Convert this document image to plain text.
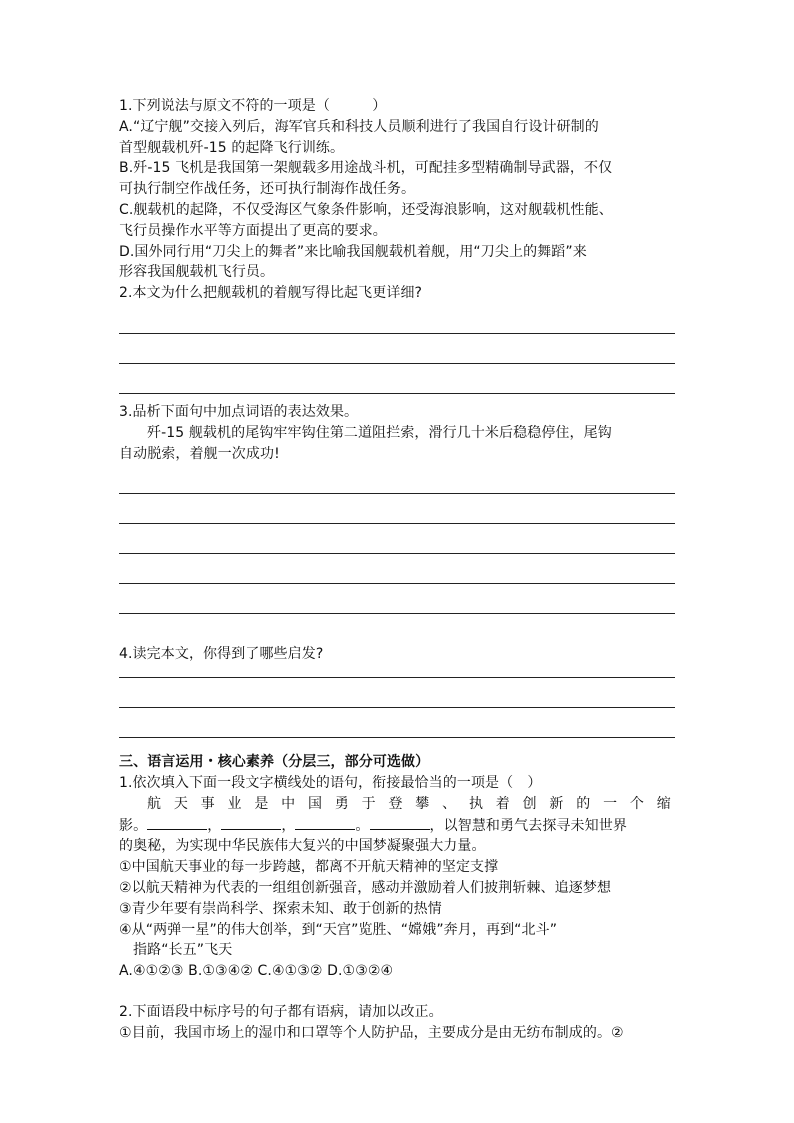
1.下列说法与原文不符的一项是（　　　）
A.“辽宁舰”交接入列后，海军官兵和科技人员顺利进行了我国自行设计研制的
首型舰载机歼-15 的起降飞行训练。
B.歼-15 飞机是我国第一架舰载多用途战斗机，可配挂多型精确制导武器，不仅
可执行制空作战任务，还可执行制海作战任务。
C.舰载机的起降，不仅受海区气象条件影响，还受海浪影响，这对舰载机性能、
飞行员操作水平等方面提出了更高的要求。
D.国外同行用“刀尖上的舞者”来比喻我国舰载机着舰，用“刀尖上的舞蹈”来
形容我国舰载机飞行员。
2.本文为什么把舰载机的着舰写得比起飞更详细?
3.品析下面句中加点词语的表达效果。
歼-15 舰载机的尾钩牢牢钩住第二道阻拦索，滑行几十米后稳稳停住，尾钩
自动脱索，着舰一次成功!
4.读完本文，你得到了哪些启发?
三、语言运用・核心素养（分层三，部分可选做）
1.依次填入下面一段文字横线处的语句，衔接最恰当的一项是（　）
航 天 事 业 是 中 国 勇 于 登 攀 、 执 着 创 新 的 一 个 缩
影。	，	，	。	，以智慧和勇气去探寻未知世界
的奥秘，为实现中华民族伟大复兴的中国梦凝聚强大力量。
①中国航天事业的每一步跨越，都离不开航天精神的坚定支撑
②以航天精神为代表的一组组创新强音，感动并激励着人们披荆斩棘、追逐梦想
③青少年要有崇尚科学、探索未知、敢于创新的热情
④从“两弹一星”的伟大创举，到“天宫”览胜、“嫦娥”奔月，再到“北斗”
指路“长五”飞天
A.④①②③ B.①③④② C.④①③② D.①③②④
2.下面语段中标序号的句子都有语病，请加以改正。
①目前，我国市场上的湿巾和口罩等个人防护品，主要成分是由无纺布制成的。②
